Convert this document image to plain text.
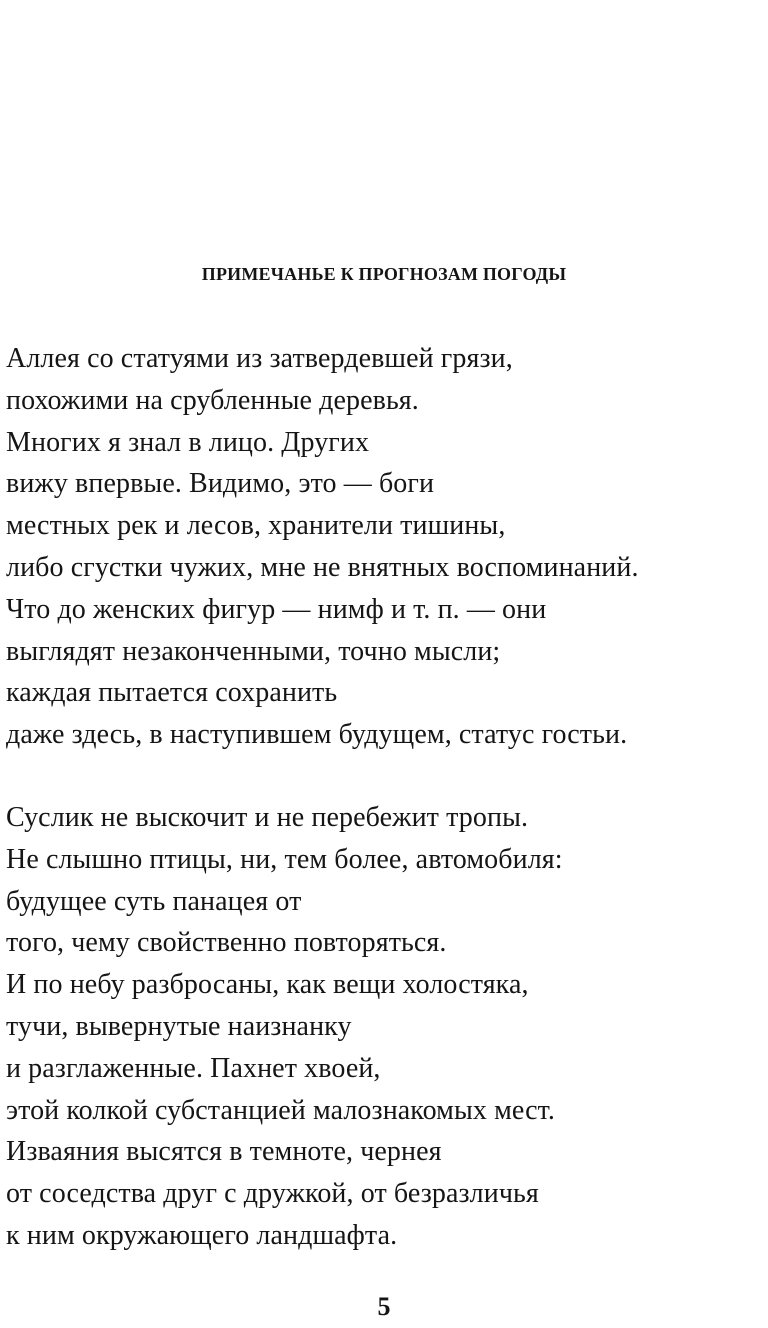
ПРИМЕЧАНЬЕ К ПРОГНОЗАМ ПОГОДЫ
Аллея со статуями из затвердевшей грязи,
похожими на срубленные деревья.
Многих я знал в лицо. Других
вижу впервые. Видимо, это — боги
местных рек и лесов, хранители тишины,
либо сгустки чужих, мне не внятных воспоминаний.
Что до женских фигур — нимф и т. п. — они
выглядят незаконченными, точно мысли;
каждая пытается сохранить
даже здесь, в наступившем будущем, статус гостьи.
Суслик не выскочит и не перебежит тропы.
Не слышно птицы, ни, тем более, автомобиля:
будущее суть панацея от
того, чему свойственно повторяться.
И по небу разбросаны, как вещи холостяка,
тучи, вывернутые наизнанку
и разглаженные. Пахнет хвоей,
этой колкой субстанцией малознакомых мест.
Изваяния высятся в темноте, чернея
от соседства друг с дружкой, от безразличья
к ним окружающего ландшафта.
5
